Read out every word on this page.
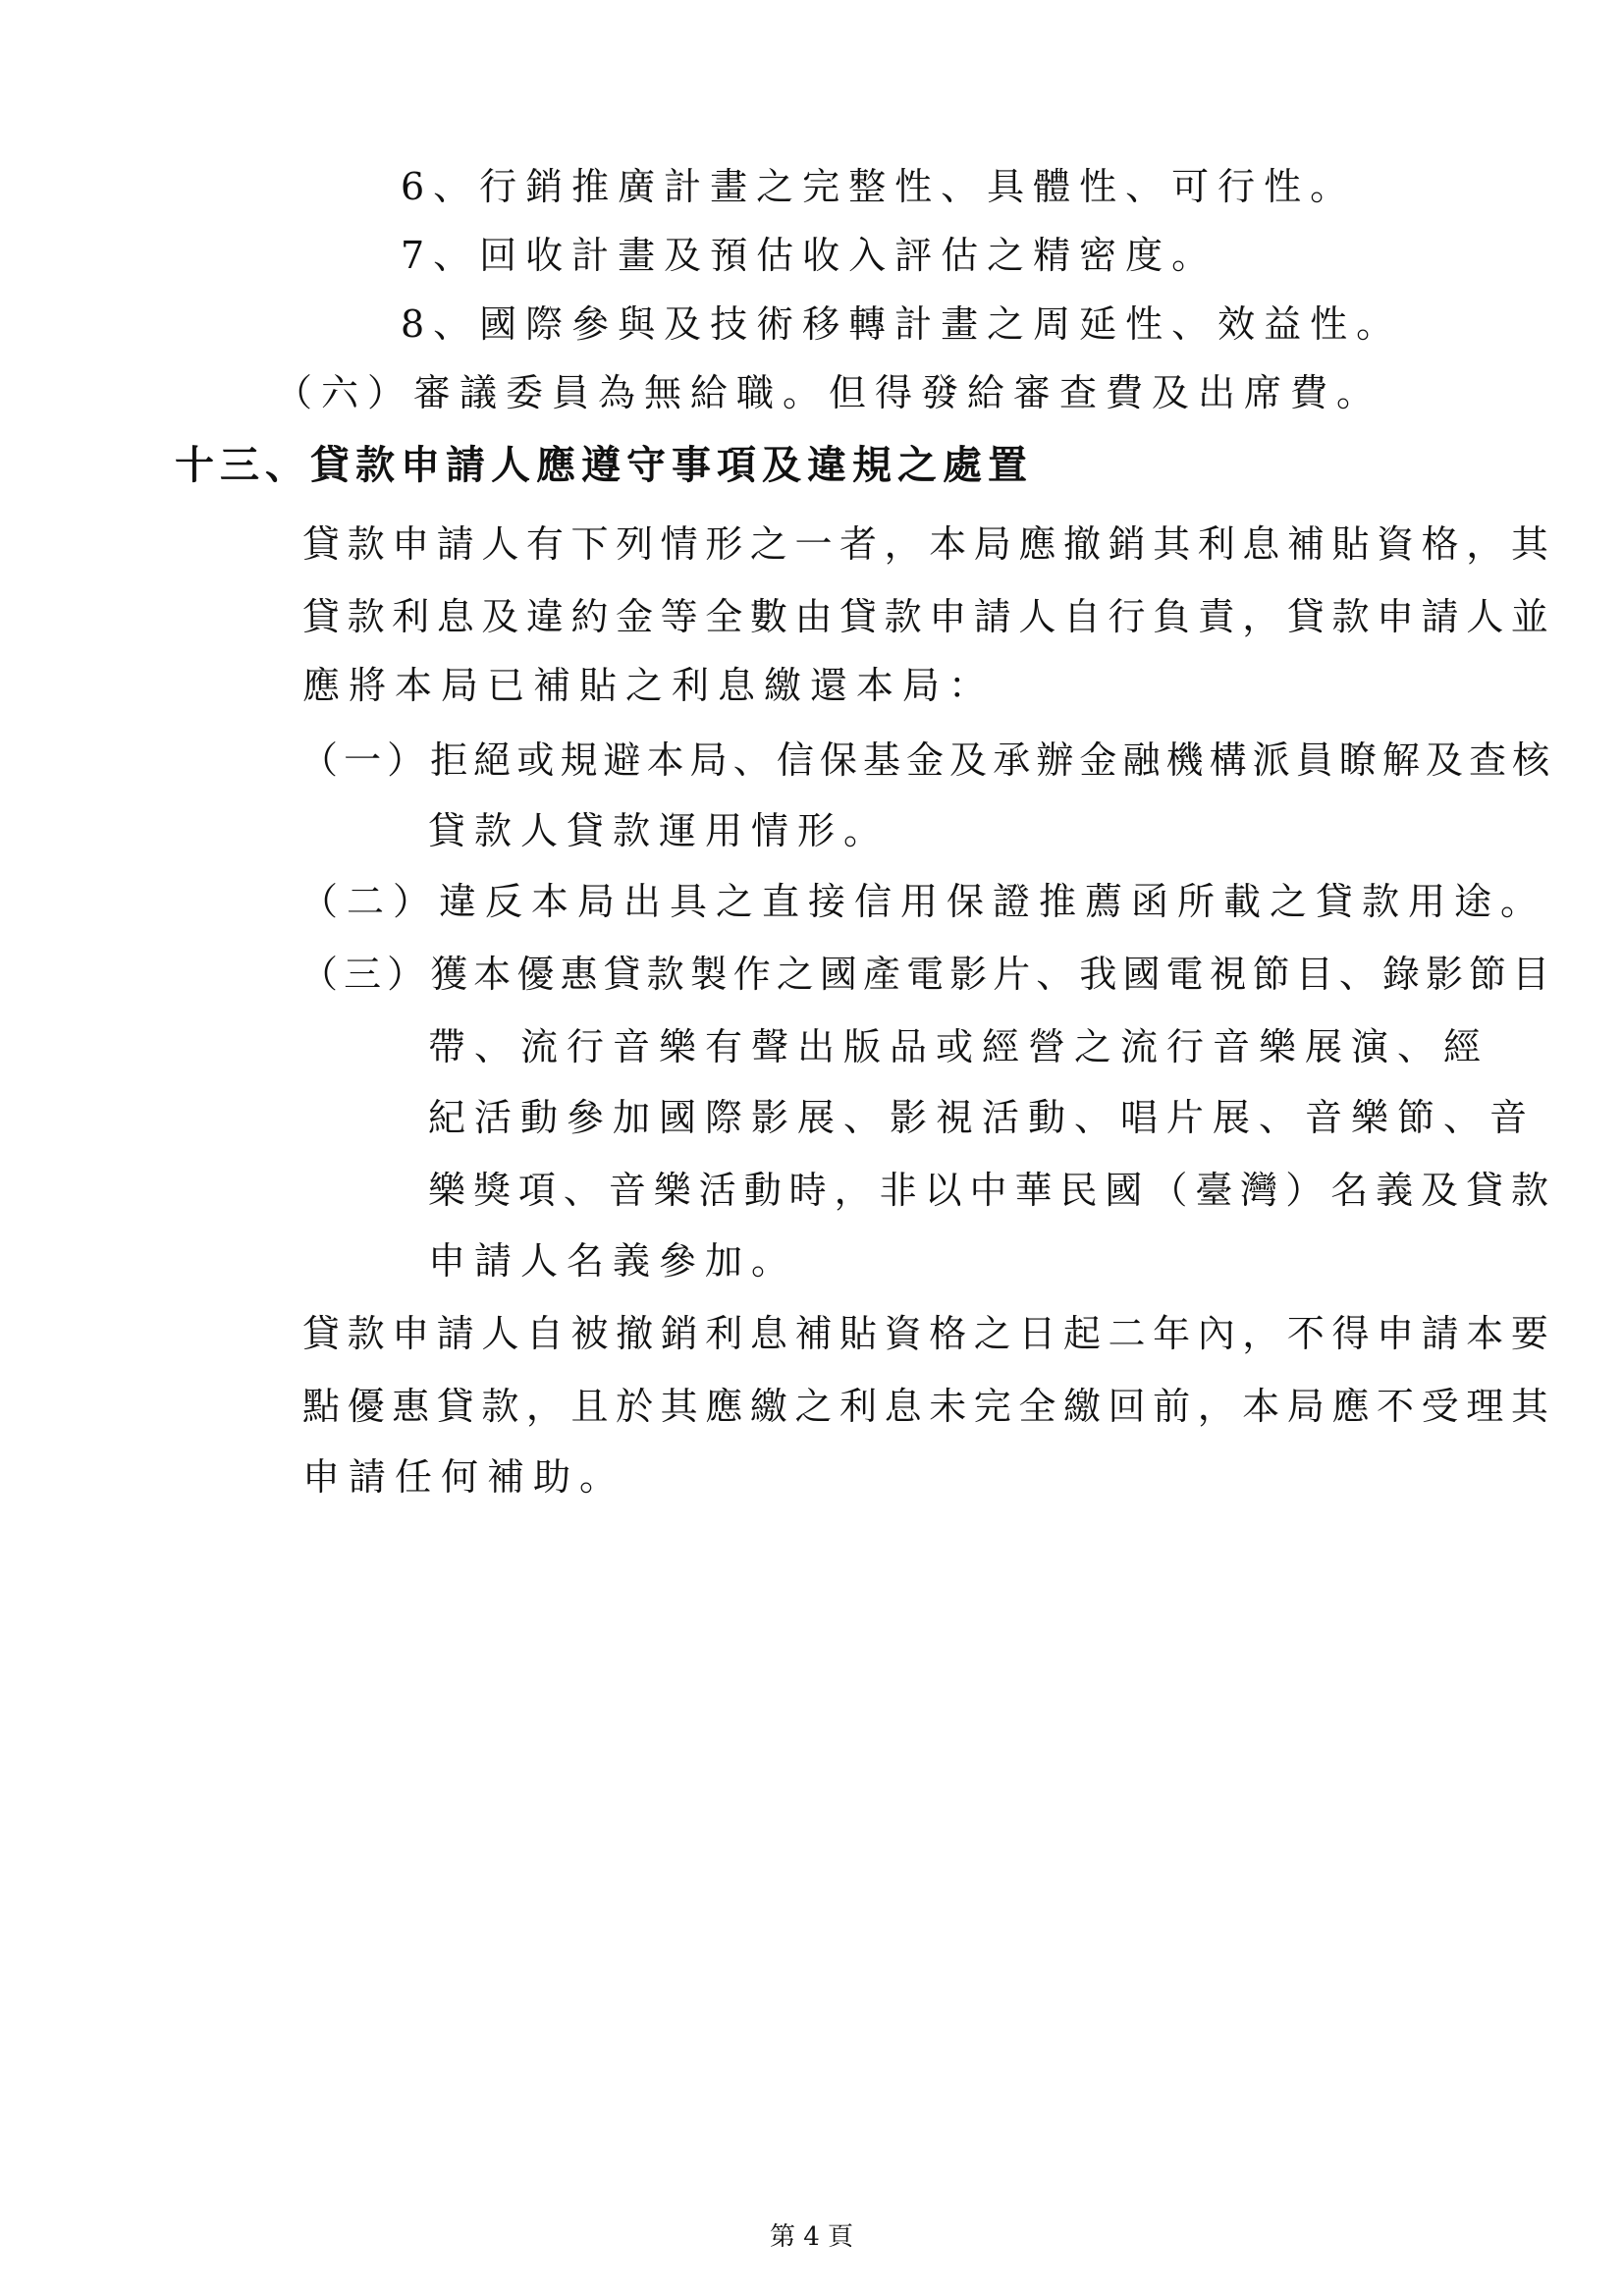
6、行銷推廣計畫之完整性、具體性、可行性。
7、回收計畫及預估收入評估之精密度。
8、國際參與及技術移轉計畫之周延性、效益性。
（六）審議委員為無給職。但得發給審查費及出席費。
十三、貸款申請人應遵守事項及違規之處置
貸款申請人有下列情形之一者，本局應撤銷其利息補貼資格，其
貸款利息及違約金等全數由貸款申請人自行負責，貸款申請人並
應將本局已補貼之利息繳還本局：
（一）拒絕或規避本局、信保基金及承辦金融機構派員瞭解及查核
貸款人貸款運用情形。
（二）違反本局出具之直接信用保證推薦函所載之貸款用途。
（三）獲本優惠貸款製作之國產電影片、我國電視節目、錄影節目
帶、流行音樂有聲出版品或經營之流行音樂展演、經
紀活動參加國際影展、影視活動、唱片展、音樂節、音
樂獎項、音樂活動時，非以中華民國（臺灣）名義及貸款
申請人名義參加。
貸款申請人自被撤銷利息補貼資格之日起二年內，不得申請本要
點優惠貸款，且於其應繳之利息未完全繳回前，本局應不受理其
申請任何補助。
第 4 頁
